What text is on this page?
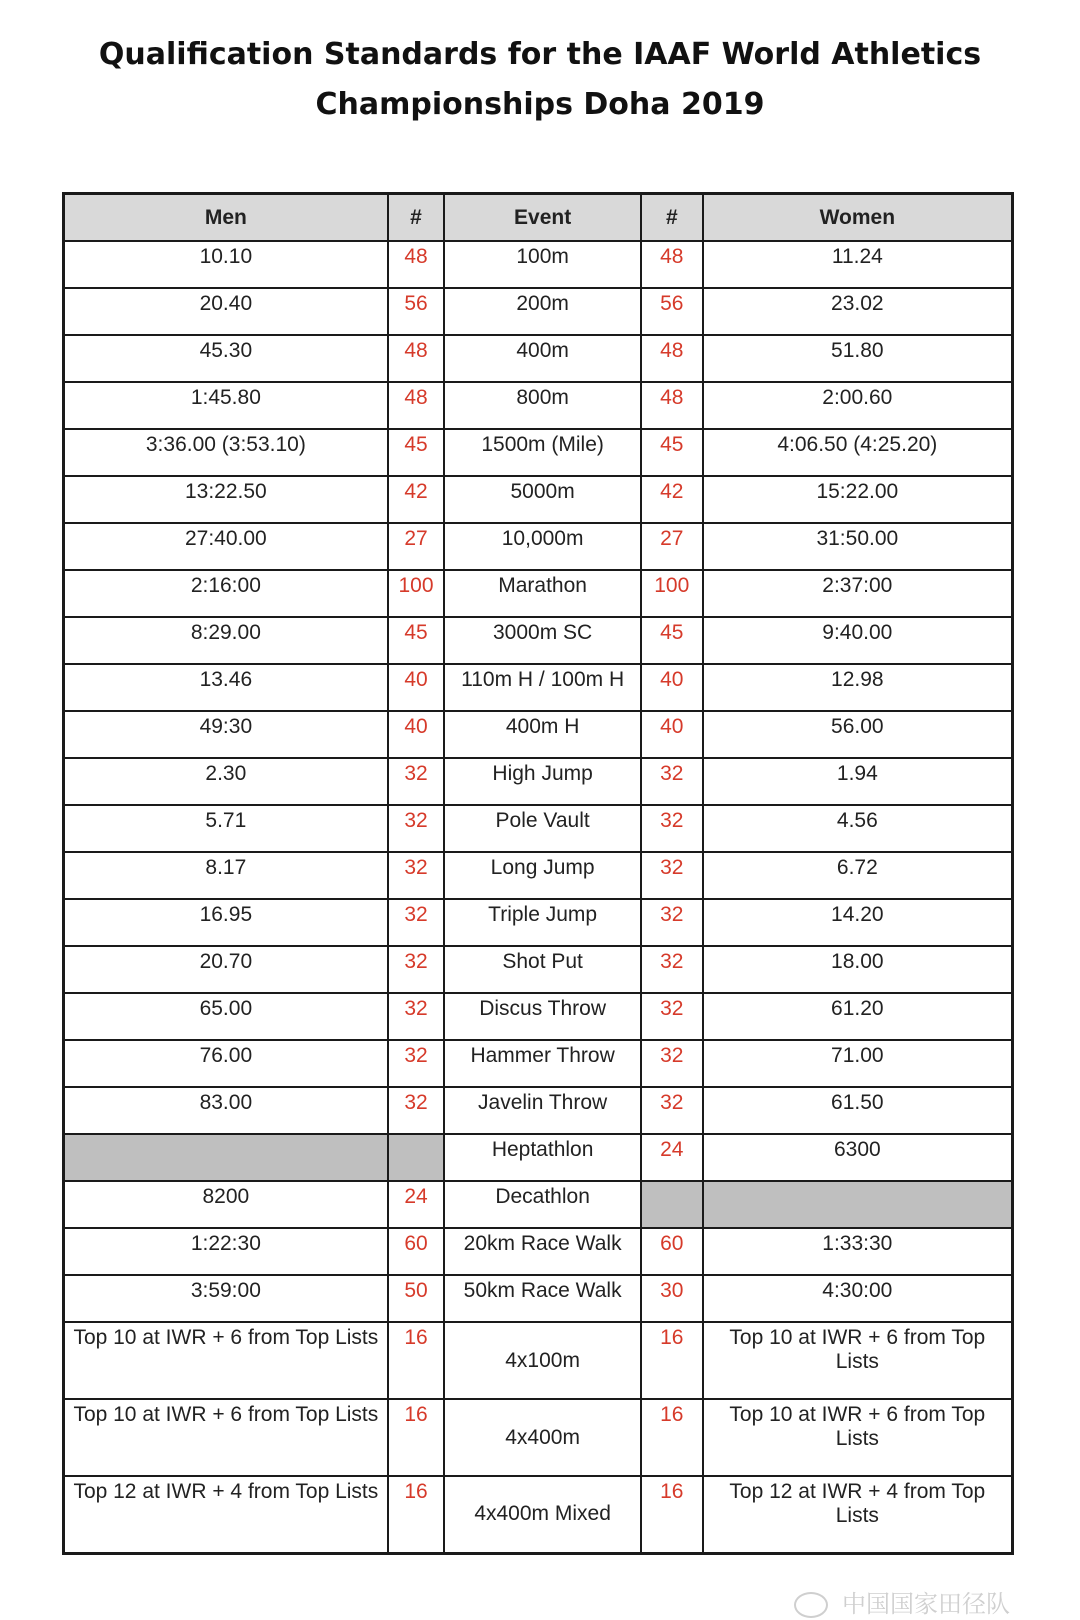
Qualification Standards for the IAAF World Athletics
Championships Doha 2019
Men	#	Event	#	Women
10.10	48	100m	48	11.24
20.40	56	200m	56	23.02
45.30	48	400m	48	51.80
1:45.80	48	800m	48	2:00.60
3:36.00 (3:53.10)	45	1500m (Mile)	45	4:06.50 (4:25.20)
13:22.50	42	5000m	42	15:22.00
27:40.00	27	10,000m	27	31:50.00
2:16:00	100	Marathon	100	2:37:00
8:29.00	45	3000m SC	45	9:40.00
13.46	40	110m H / 100m H	40	12.98
49:30	40	400m H	40	56.00
2.30	32	High Jump	32	1.94
5.71	32	Pole Vault	32	4.56
8.17	32	Long Jump	32	6.72
16.95	32	Triple Jump	32	14.20
20.70	32	Shot Put	32	18.00
65.00	32	Discus Throw	32	61.20
76.00	32	Hammer Throw	32	71.00
83.00	32	Javelin Throw	32	61.50
		Heptathlon	24	6300
8200	24	Decathlon		
1:22:30	60	20km Race Walk	60	1:33:30
3:59:00	50	50km Race Walk	30	4:30:00
Top 10 at IWR + 6 from Top Lists	16	4x100m	16	Top 10 at IWR + 6 from Top Lists
Top 10 at IWR + 6 from Top Lists	16	4x400m	16	Top 10 at IWR + 6 from Top Lists
Top 12 at IWR + 4 from Top Lists	16	4x400m Mixed	16	Top 12 at IWR + 4 from Top Lists
中国国家田径队
